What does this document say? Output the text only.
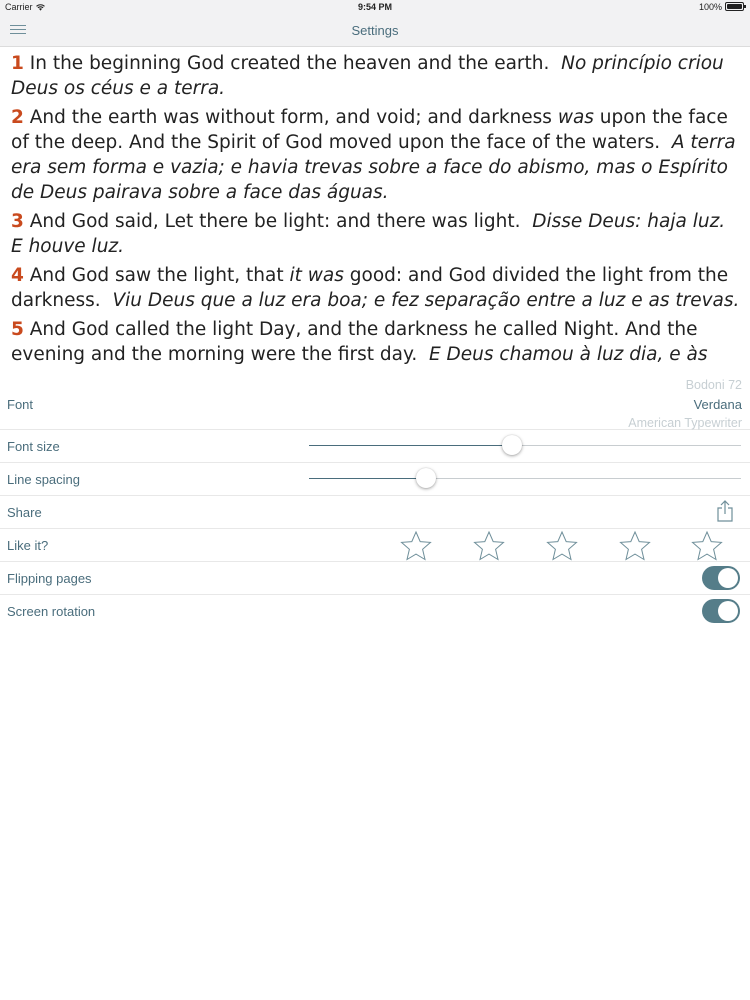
Carrier	9:54 PM	100%
Settings

1 In the beginning God created the heaven and the earth. No princípio criou Deus os céus e a terra.

2 And the earth was without form, and void; and darkness was upon the face of the deep. And the Spirit of God moved upon the face of the waters. A terra era sem forma e vazia; e havia trevas sobre a face do abismo, mas o Espírito de Deus pairava sobre a face das águas.

3 And God said, Let there be light: and there was light. Disse Deus: haja luz. E houve luz.

4 And God saw the light, that it was good: and God divided the light from the darkness. Viu Deus que a luz era boa; e fez separação entre a luz e as trevas.

5 And God called the light Day, and the darkness he called Night. And the evening and the morning were the first day. E Deus chamou à luz dia, e às

Font
Bodoni 72
Verdana
American Typewriter
Font size
Line spacing
Share
Like it?
Flipping pages
Screen rotation
